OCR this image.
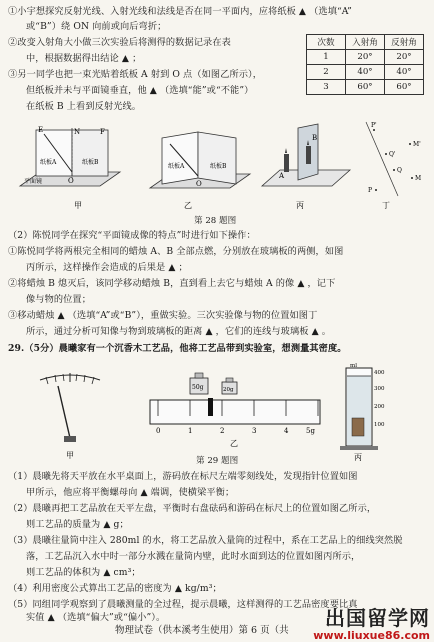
①小宇想探究反射光线、入射光线和法线是否在同一平面内，应将纸板 ▲ （选填“A”
或“B”）绕 ON 向前或向后弯折；
②改变入射角大小做三次实验后将测得的数据记录在表
中，根据数据得出结论 ▲ ；
③另一同学也把一束光贴着纸板 A 射到 O 点（如图乙所示），
但纸板并未与平面镜垂直，他 ▲ （选填“能”或“不能”）
在纸板 B 上看到反射光线。
次数	入射角	反射角
1	20°	20°
2	40°	40°
3	60°	60°
E	N	F
O
纸板A	纸板B
平面镜
纸板A	纸板B
O
B
A
P'
M'
Q'
Q
M
P
甲	乙	丙	丁
第 28 题图
（2）陈悦同学在探究“平面镜成像的特点”时进行如下操作：
①陈悦同学将两根完全相同的蜡烛 A、B 全部点燃，分别放在玻璃板的两侧，如图
丙所示，这样操作会造成的后果是 ▲ ；
②将蜡烛 B 熄灭后，该同学移动蜡烛 B，直到看上去它与蜡烛 A 的像 ▲ ，记下
像与物的位置；
③移动蜡烛 ▲ （选填“A”或“B”），重做实验。三次实验像与物的位置如图丁
所示，通过分析可知像与物到玻璃板的距离 ▲ ，它们的连线与玻璃板 ▲ 。
29.（5分）晨曦家有一个沉香木工艺品，他将工艺品带到实验室，想测量其密度。
50g	20g
0	1	2	3	4	5g
400
300
200
100
ml
甲
乙
丙
第 29 题图
（1）晨曦先将天平放在水平桌面上，游码放在标尺左端零刻线处，发现指针位置如图
甲所示，他应将平衡螺母向 ▲ 端调，使横梁平衡；
（2）晨曦再把工艺品放在天平左盘，平衡时右盘砝码和游码在标尺上的位置如图乙所示，
则工艺品的质量为 ▲ g；
（3）晨曦往量筒中注入 280ml 的水，将工艺品放入量筒的过程中，系在工艺品上的细线突然脱
落，工艺品沉入水中时一部分水溅在量筒内壁，此时水面到达的位置如图丙所示，
则工艺品的体积为 ▲ cm³；
（4）利用密度公式算出工艺品的密度为 ▲ kg/m³；
（5）同组同学观察到了晨曦测量的全过程，提示晨曦，这样测得的工艺品密度要比真
实值 ▲ （选填“偏大”或“偏小”）。
物理试卷（供本溪考生使用）第 6 页（共
出国留学网
www.liuxue86.com
